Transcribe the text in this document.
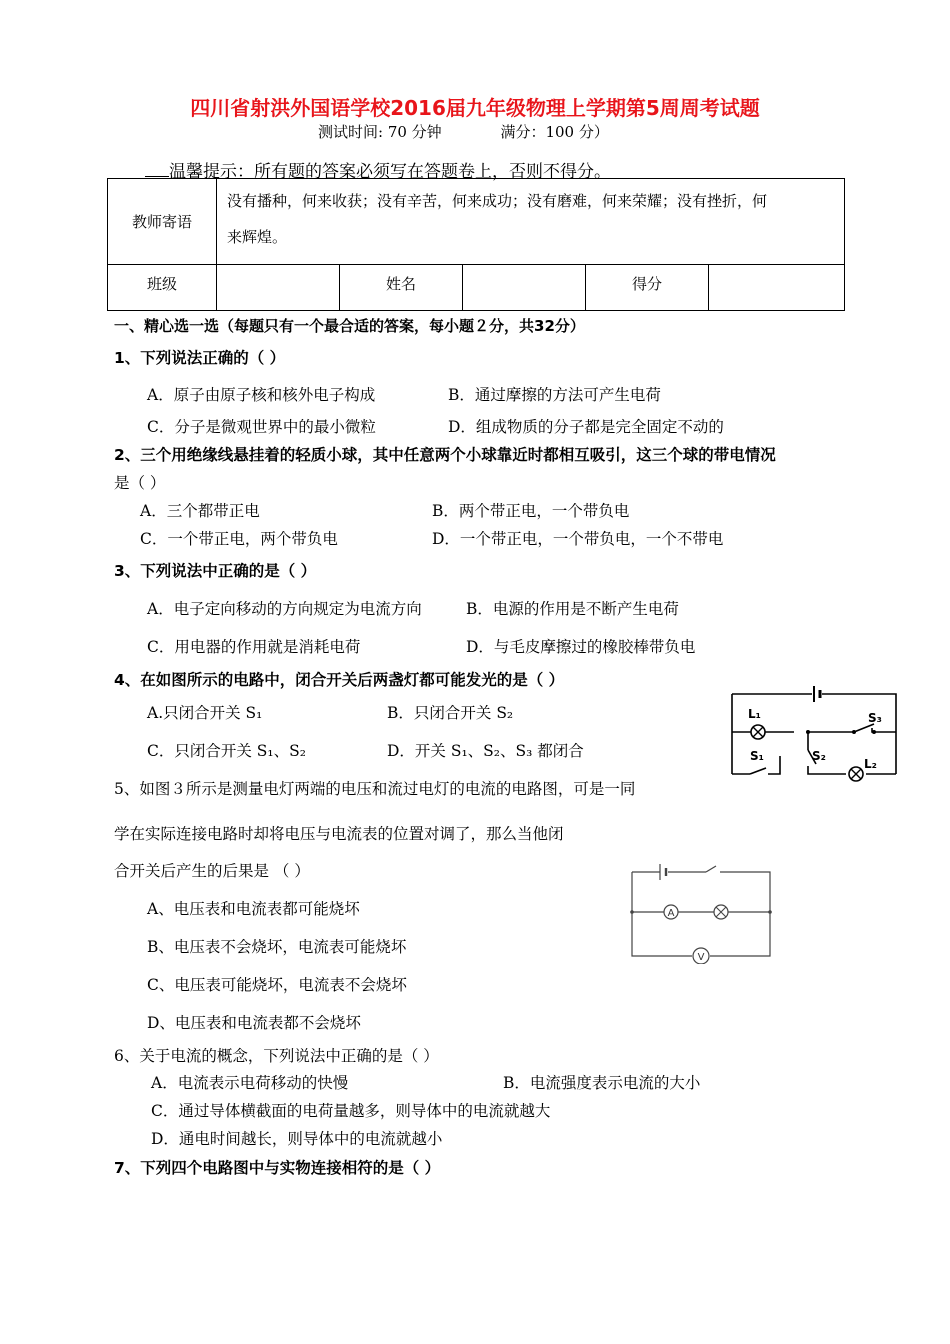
四川省射洪外国语学校2016届九年级物理上学期第5周周考试题
测试时间: 70 分钟	满分：100 分）
温馨提示：所有题的答案必须写在答题卷上，否则不得分。
教师寄语	没有播种，何来收获；没有辛苦，何来成功；没有磨难，何来荣耀；没有挫折，何
来辉煌。				

班级		姓名		得分	
一、精心选一选（每题只有一个最合适的答案，每小题２分，共32分）
1、下列说法正确的（ ）
A．原子由原子核和核外电子构成	B．通过摩擦的方法可产生电荷
C．分子是微观世界中的最小微粒	D．组成物质的分子都是完全固定不动的
2、三个用绝缘线悬挂着的轻质小球，其中任意两个小球靠近时都相互吸引，这三个球的带电情况
是（ ）
A．三个都带正电	B．两个带正电，一个带负电
C．一个带正电，两个带负电	D．一个带正电，一个带负电，一个不带电
3、下列说法中正确的是（ ）
A．电子定向移动的方向规定为电流方向	B．电源的作用是不断产生电荷
C．用电器的作用就是消耗电荷	D．与毛皮摩擦过的橡胶棒带负电
4、在如图所示的电路中，闭合开关后两盏灯都可能发光的是（ ）
A.只闭合开关 S₁	B．只闭合开关 S₂
C．只闭合开关 S₁、S₂	D．开关 S₁、S₂、S₃ 都闭合
L₁	S₃
S₁	S₂
L₂
5、如图３所示是测量电灯两端的电压和流过电灯的电流的电路图，可是一同
学在实际连接电路时却将电压与电流表的位置对调了，那么当他闭
合开关后产生的后果是 （ ）
A、电压表和电流表都可能烧坏
B、电压表不会烧坏，电流表可能烧坏
C、电压表可能烧坏，电流表不会烧坏
D、电压表和电流表都不会烧坏
A
V
6、关于电流的概念，下列说法中正确的是（ ）
A．电流表示电荷移动的快慢	B．电流强度表示电流的大小
C．通过导体横截面的电荷量越多，则导体中的电流就越大
D．通电时间越长，则导体中的电流就越小
7、下列四个电路图中与实物连接相符的是（ ）
